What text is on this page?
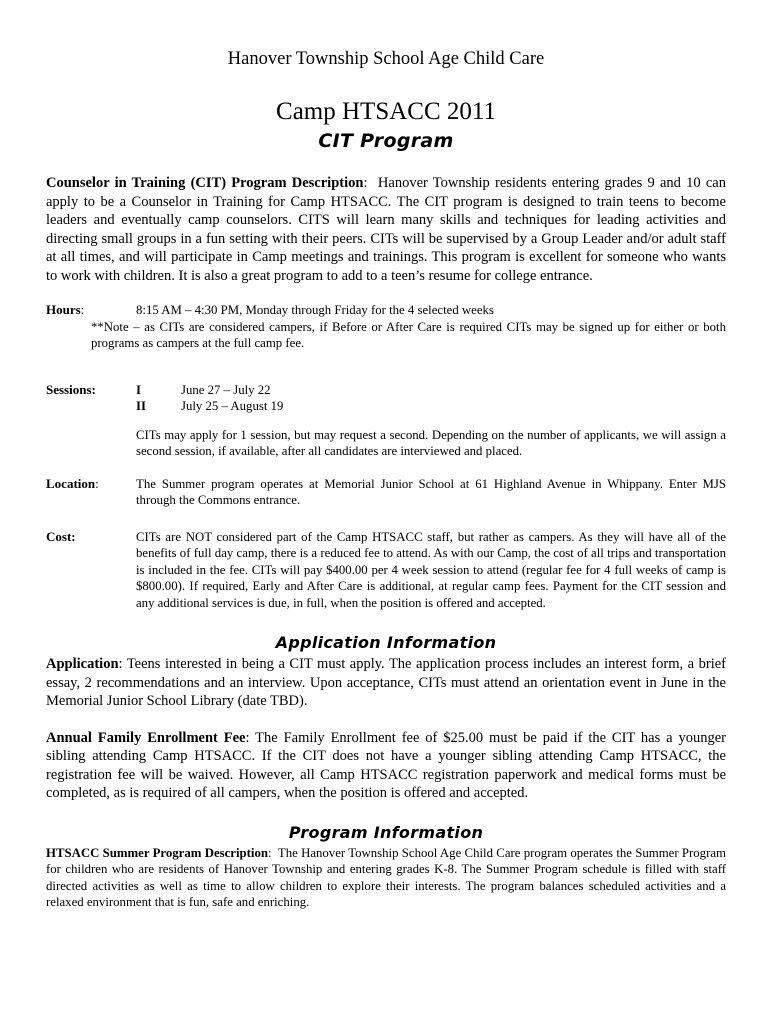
Hanover Township School Age Child Care

Camp HTSACC 2011
CIT Program

Counselor in Training (CIT) Program Description:  Hanover Township residents entering grades 9 and 10 can apply to be a Counselor in Training for Camp HTSACC. The CIT program is designed to train teens to become leaders and eventually camp counselors. CITS will learn many skills and techniques for leading activities and directing small groups in a fun setting with their peers. CITs will be supervised by a Group Leader and/or adult staff at all times, and will participate in Camp meetings and trainings. This program is excellent for someone who wants to work with children. It is also a great program to add to a teen’s resume for college entrance.

Hours:	8:15 AM – 4:30 PM, Monday through Friday for the 4 selected weeks
**Note – as CITs are considered campers, if Before or After Care is required CITs may be signed up for either or both programs as campers at the full camp fee.
Sessions:	I	June 27 – July 22
II	July 25 – August 19

CITs may apply for 1 session, but may request a second. Depending on the number of applicants, we will assign a second session, if available, after all candidates are interviewed and placed.

Location:	The Summer program operates at Memorial Junior School at 61 Highland Avenue in Whippany. Enter MJS through the Commons entrance.
Cost:	CITs are NOT considered part of the Camp HTSACC staff, but rather as campers. As they will have all of the benefits of full day camp, there is a reduced fee to attend. As with our Camp, the cost of all trips and transportation is included in the fee. CITs will pay $400.00 per 4 week session to attend (regular fee for 4 full weeks of camp is $800.00). If required, Early and After Care is additional, at regular camp fees. Payment for the CIT session and any additional services is due, in full, when the position is offered and accepted.
Application Information

Application: Teens interested in being a CIT must apply. The application process includes an interest form, a brief essay, 2 recommendations and an interview. Upon acceptance, CITs must attend an orientation event in June in the Memorial Junior School Library (date TBD).

Annual Family Enrollment Fee: The Family Enrollment fee of $25.00 must be paid if the CIT has a younger sibling attending Camp HTSACC. If the CIT does not have a younger sibling attending Camp HTSACC, the registration fee will be waived. However, all Camp HTSACC registration paperwork and medical forms must be completed, as is required of all campers, when the position is offered and accepted.

Program Information

HTSACC Summer Program Description:  The Hanover Township School Age Child Care program operates the Summer Program for children who are residents of Hanover Township and entering grades K-8. The Summer Program schedule is filled with staff directed activities as well as time to allow children to explore their interests. The program balances scheduled activities and a relaxed environment that is fun, safe and enriching.
